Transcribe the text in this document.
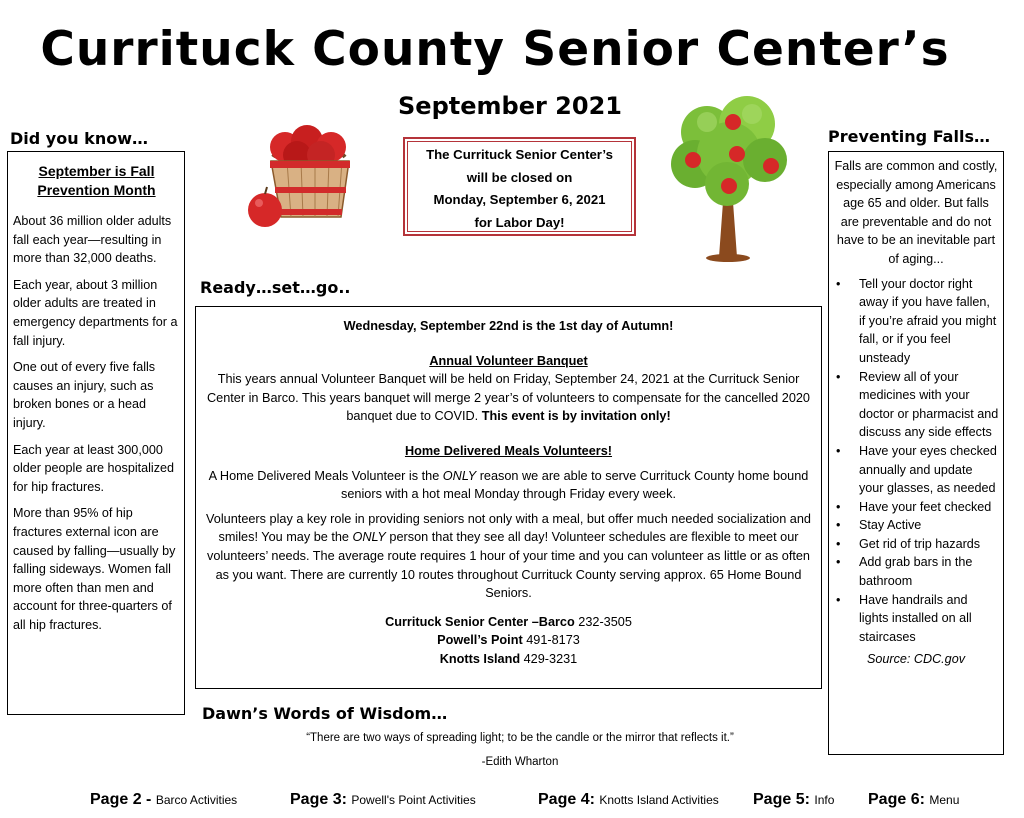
Currituck County Senior Center’s
September 2021
Did you know…
September is Fall
Prevention Month

About 36 million older adults fall each year—resulting in more than 32,000 deaths.

Each year, about 3 million older adults are treated in emergency departments for a fall injury.

One out of every five falls causes an injury, such as broken bones or a head injury.

Each year at least 300,000 older people are hospitalized for hip fractures.

More than 95% of hip fractures external icon are caused by falling—usually by falling sideways. Women fall more often than men and account for three-quarters of all hip fractures.

The Currituck Senior Center’s
will be closed on
Monday, September 6, 2021
for Labor Day!
Ready…set…go..

Wednesday, September 22nd is the 1st day of Autumn!

Annual Volunteer Banquet

This years annual Volunteer Banquet will be held on Friday, September 24, 2021 at the Currituck Senior Center in Barco. This years banquet will merge 2 year’s of volunteers to compensate for the cancelled 2020 banquet due to COVID. This event is by invitation only!

Home Delivered Meals Volunteers!

A Home Delivered Meals Volunteer is the ONLY reason we are able to serve Currituck County home bound seniors with a hot meal Monday through Friday every week.

Volunteers play a key role in providing seniors not only with a meal, but offer much needed socialization and smiles! You may be the ONLY person that they see all day! Volunteer schedules are flexible to meet our volunteers’ needs. The average route requires 1 hour of your time and you can volunteer as little or as often as you want. There are currently 10 routes throughout Currituck County serving approx. 65 Home Bound Seniors.

Currituck Senior Center –Barco 232-3505

Powell’s Point 491-8173

Knotts Island 429-3231

Preventing Falls…

Falls are common and costly, especially among Americans age 65 and older. But falls are preventable and do not have to be an inevitable part of aging...

• Tell your doctor right away if you have fallen, if you’re afraid you might fall, or if you feel unsteady
• Review all of your medicines with your doctor or pharmacist and discuss any side effects
• Have your eyes checked annually and update your glasses, as needed
• Have your feet checked
• Stay Active
• Get rid of trip hazards
• Add grab bars in the bathroom
• Have handrails and lights installed on all staircases

Source: CDC.gov

Dawn’s Words of Wisdom…

“There are two ways of spreading light; to be the candle or the mirror that reflects it.”

-Edith Wharton

Page 2 - Barco Activities	Page 3: Powell's Point Activities	Page 4: Knotts Island Activities Page 5: Info Page 6: Menu
